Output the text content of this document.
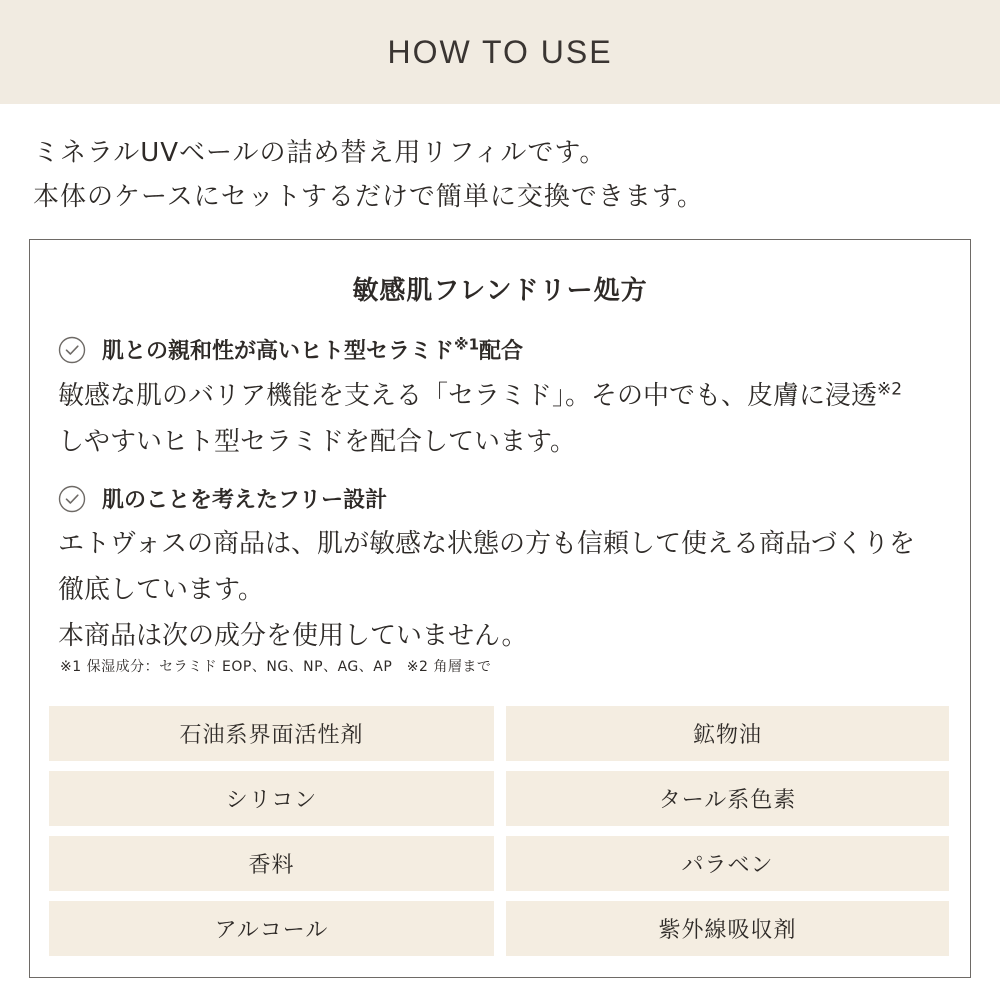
HOW TO USE

ミネラルUVベールの詰め替え用リフィルです。

本体のケースにセットするだけで簡単に交換できます。

敏感肌フレンドリー処方
肌との親和性が高いヒト型セラミド$^{※1}$配合

敏感な肌のバリア機能を支える「セラミド」。その中でも、皮膚に浸透$^{※2}$

しやすいヒト型セラミドを配合しています。

肌のことを考えたフリー設計

エトヴォスの商品は、肌が敏感な状態の方も信頼して使える商品づくりを

徹底しています。

本商品は次の成分を使用していません。

※1 保湿成分：セラミド EOP、NG、NP、AG、AP　※2 角層まで
石油系界面活性剤	鉱物油
シリコン	タール系色素
香料	パラベン
アルコール	紫外線吸収剤
